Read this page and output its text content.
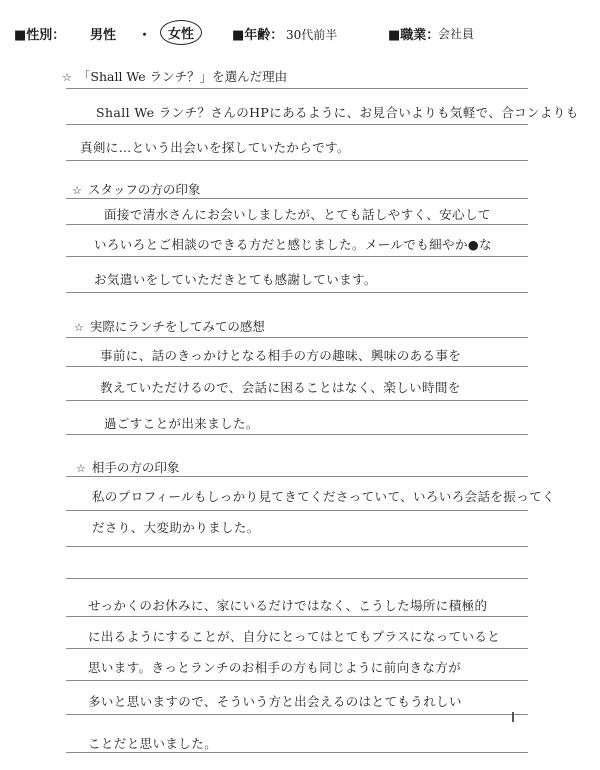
■性別： 男性 ・	女性	■年齢： 30代前半	■職業：
会社員
☆ 「Shall We ランチ？」を選んだ理由
Shall We ランチ？さんのHPにあるように、お見合いよりも気軽で、合コンよりも
真剣に…という出会いを探していたからです。
☆ スタッフの方の印象
面接で清水さんにお会いしましたが、とても話しやすく、安心して
いろいろとご相談のできる方だと感じました。メールでも細やか●な
お気遣いをしていただきとても感謝しています。
☆ 実際にランチをしてみての感想
事前に、話のきっかけとなる相手の方の趣味、興味のある事を
教えていただけるので、会話に困ることはなく、楽しい時間を
過ごすことが出来ました。
☆ 相手の方の印象
私のプロフィールもしっかり見てきてくださっていて、いろいろ会話を振ってく
ださり、大変助かりました。
せっかくのお休みに、家にいるだけではなく、こうした場所に積極的
に出るようにすることが、自分にとってはとてもプラスになっていると
思います。きっとランチのお相手の方も同じように前向きな方が
多いと思いますので、そういう方と出会えるのはとてもうれしい
ことだと思いました。
